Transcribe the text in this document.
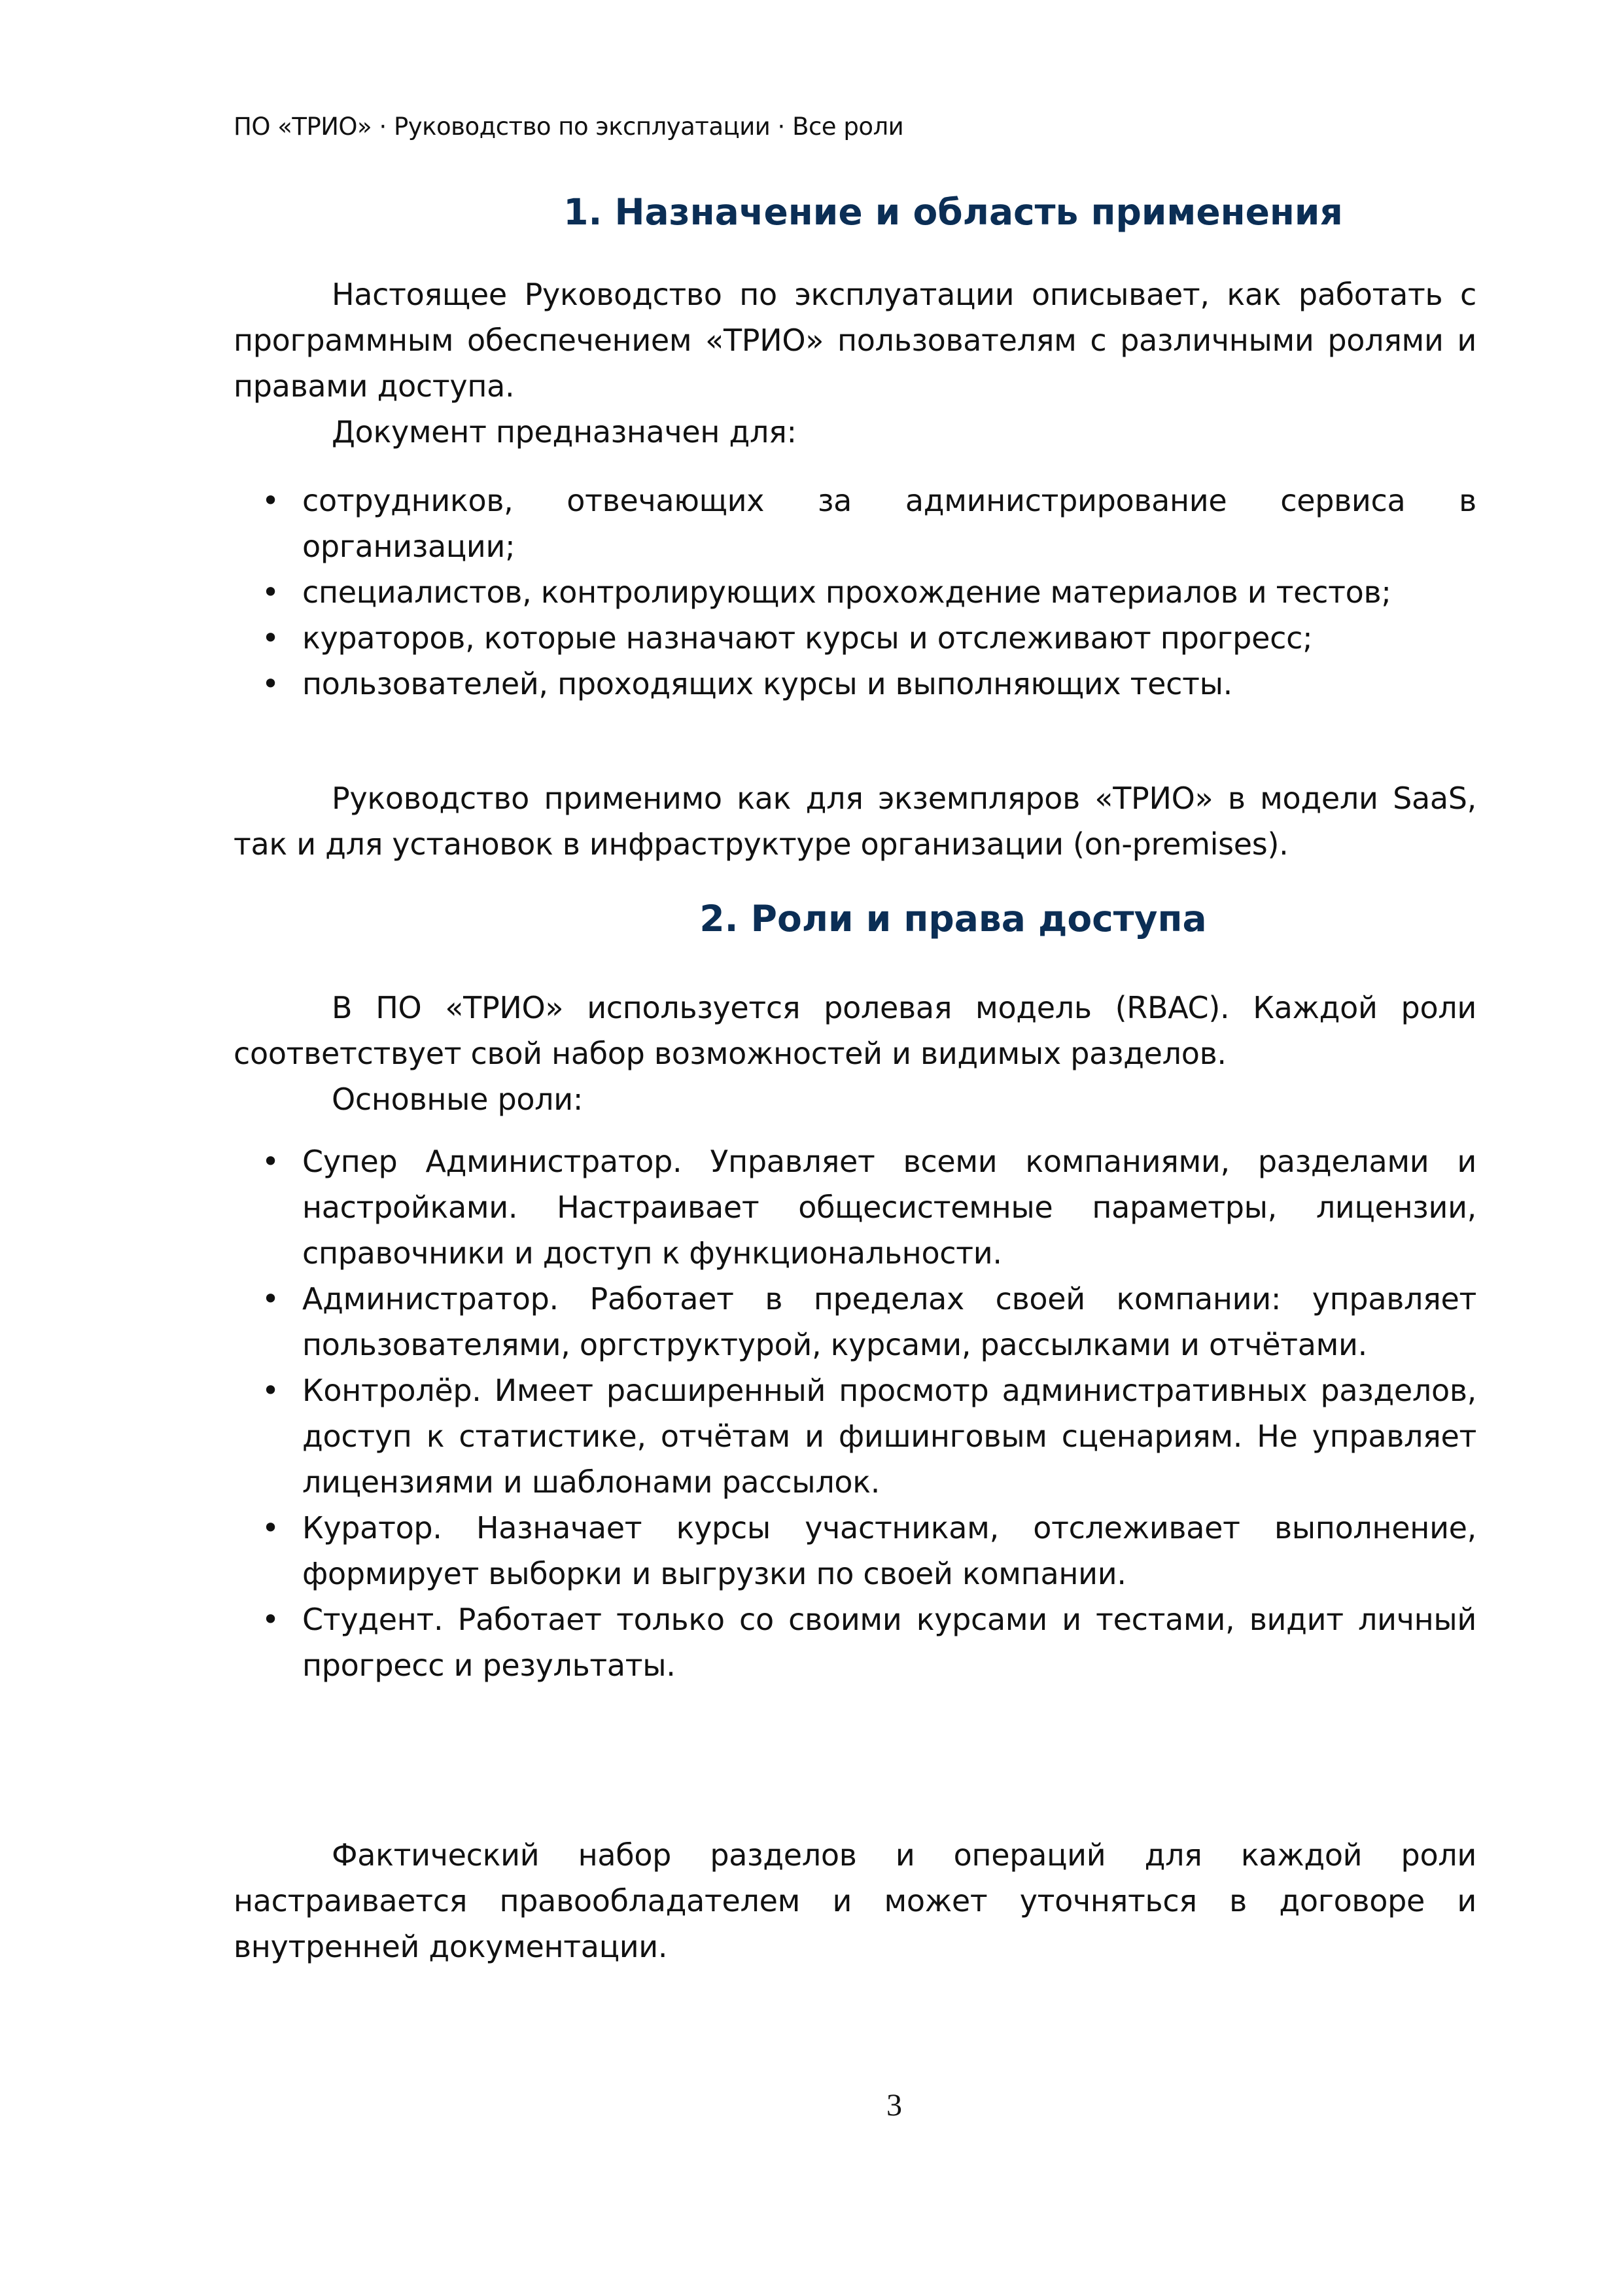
ПО «ТРИО» · Руководство по эксплуатации · Все роли
1. Назначение и область применения

Настоящее Руководство по эксплуатации описывает, как работать с программным обеспечением «ТРИО» пользователям с различными ролями и правами доступа.

Документ предназначен для:

• сотрудников, отвечающих за администрирование сервиса в организации;
• специалистов, контролирующих прохождение материалов и тестов;
• кураторов, которые назначают курсы и отслеживают прогресс;
• пользователей, проходящих курсы и выполняющих тесты.

Руководство применимо как для экземпляров «ТРИО» в модели SaaS, так и для установок в инфраструктуре организации (on-premises).

2. Роли и права доступа

В ПО «ТРИО» используется ролевая модель (RBAC). Каждой роли соответствует свой набор возможностей и видимых разделов.

Основные роли:

• Супер Администратор. Управляет всеми компаниями, разделами и настройками. Настраивает общесистемные параметры, лицензии, справочники и доступ к функциональности.
• Администратор. Работает в пределах своей компании: управляет пользователями, оргструктурой, курсами, рассылками и отчётами.
• Контролёр. Имеет расширенный просмотр административных разделов, доступ к статистике, отчётам и фишинговым сценариям. Не управляет лицензиями и шаблонами рассылок.
• Куратор. Назначает курсы участникам, отслеживает выполнение, формирует выборки и выгрузки по своей компании.
• Студент. Работает только со своими курсами и тестами, видит личный прогресс и результаты.

Фактический набор разделов и операций для каждой роли настраивается правообладателем и может уточняться в договоре и внутренней документации.

3
